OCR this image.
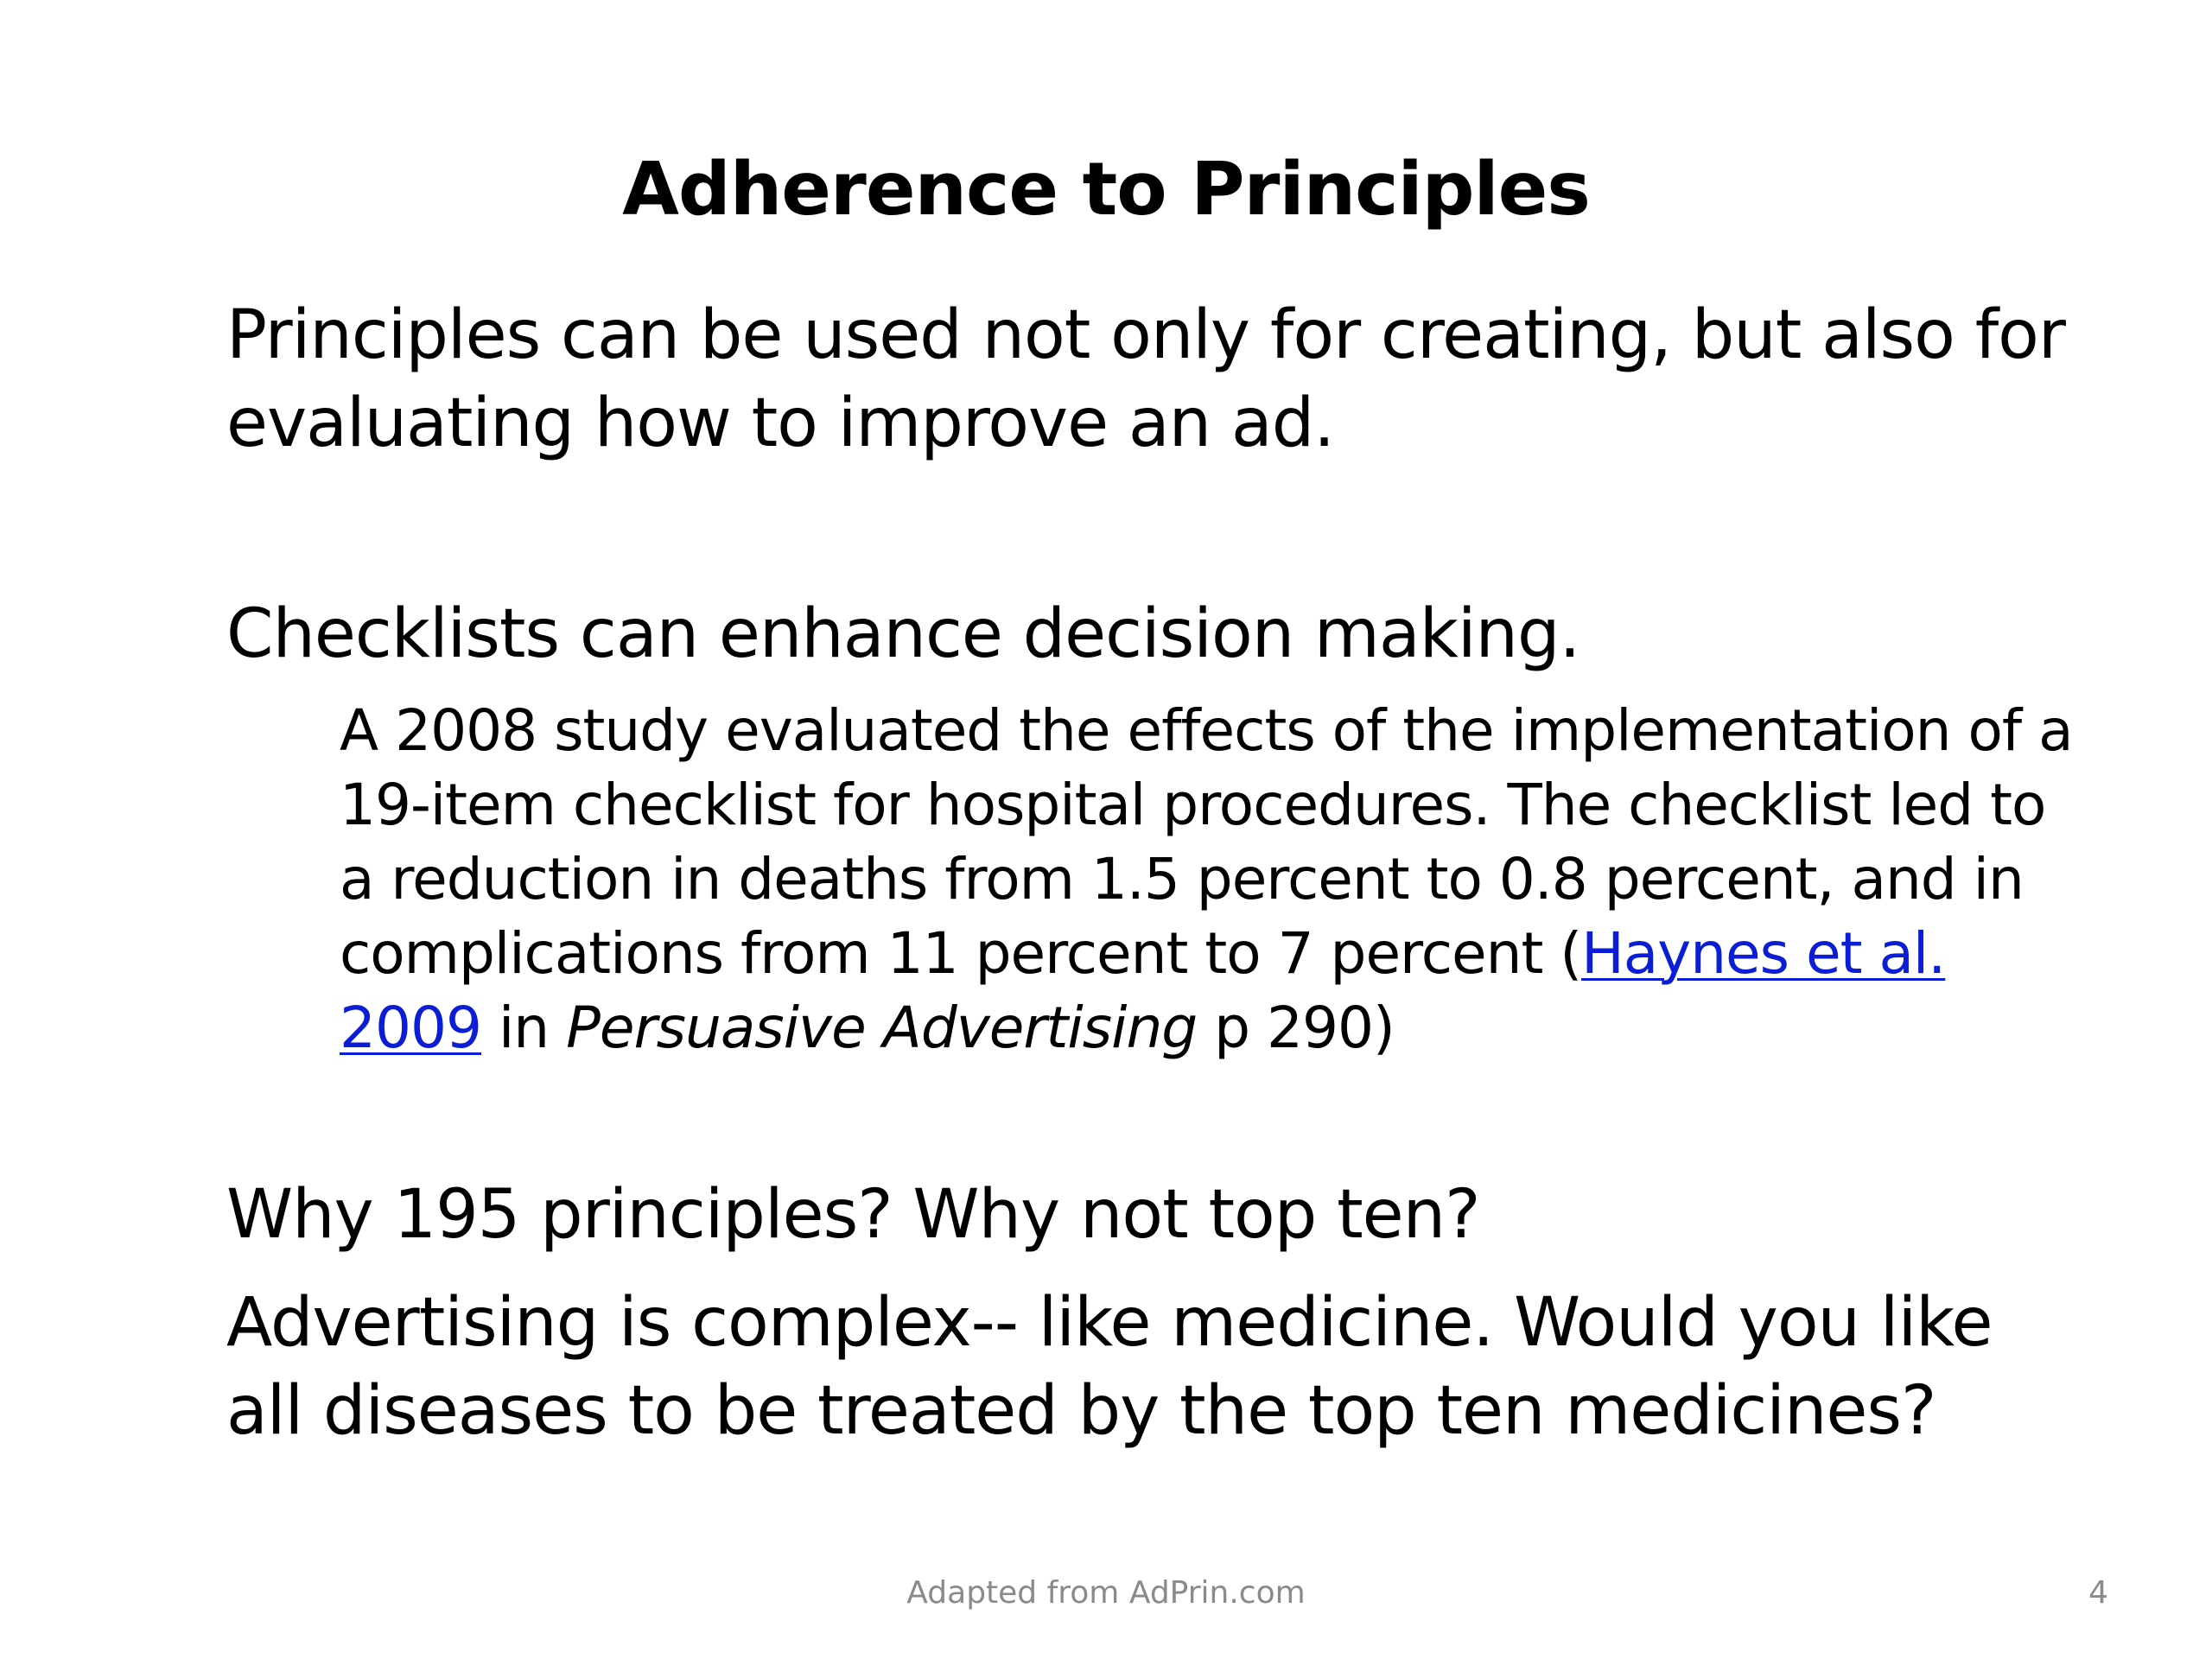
Adherence to Principles

Principles can be used not only for creating, but also for evaluating how to improve an ad.

Checklists can enhance decision making.

A 2008 study evaluated the effects of the implementation of a 19-item checklist for hospital procedures. The checklist led to a reduction in deaths from 1.5 percent to 0.8 percent, and in complications from 11 percent to 7 percent (Haynes et al. 2009 in Persuasive Advertising p 290)

Why 195 principles? Why not top ten?

Advertising is complex-- like medicine. Would you like all diseases to be treated by the top ten medicines?

Adapted from AdPrin.com	4
